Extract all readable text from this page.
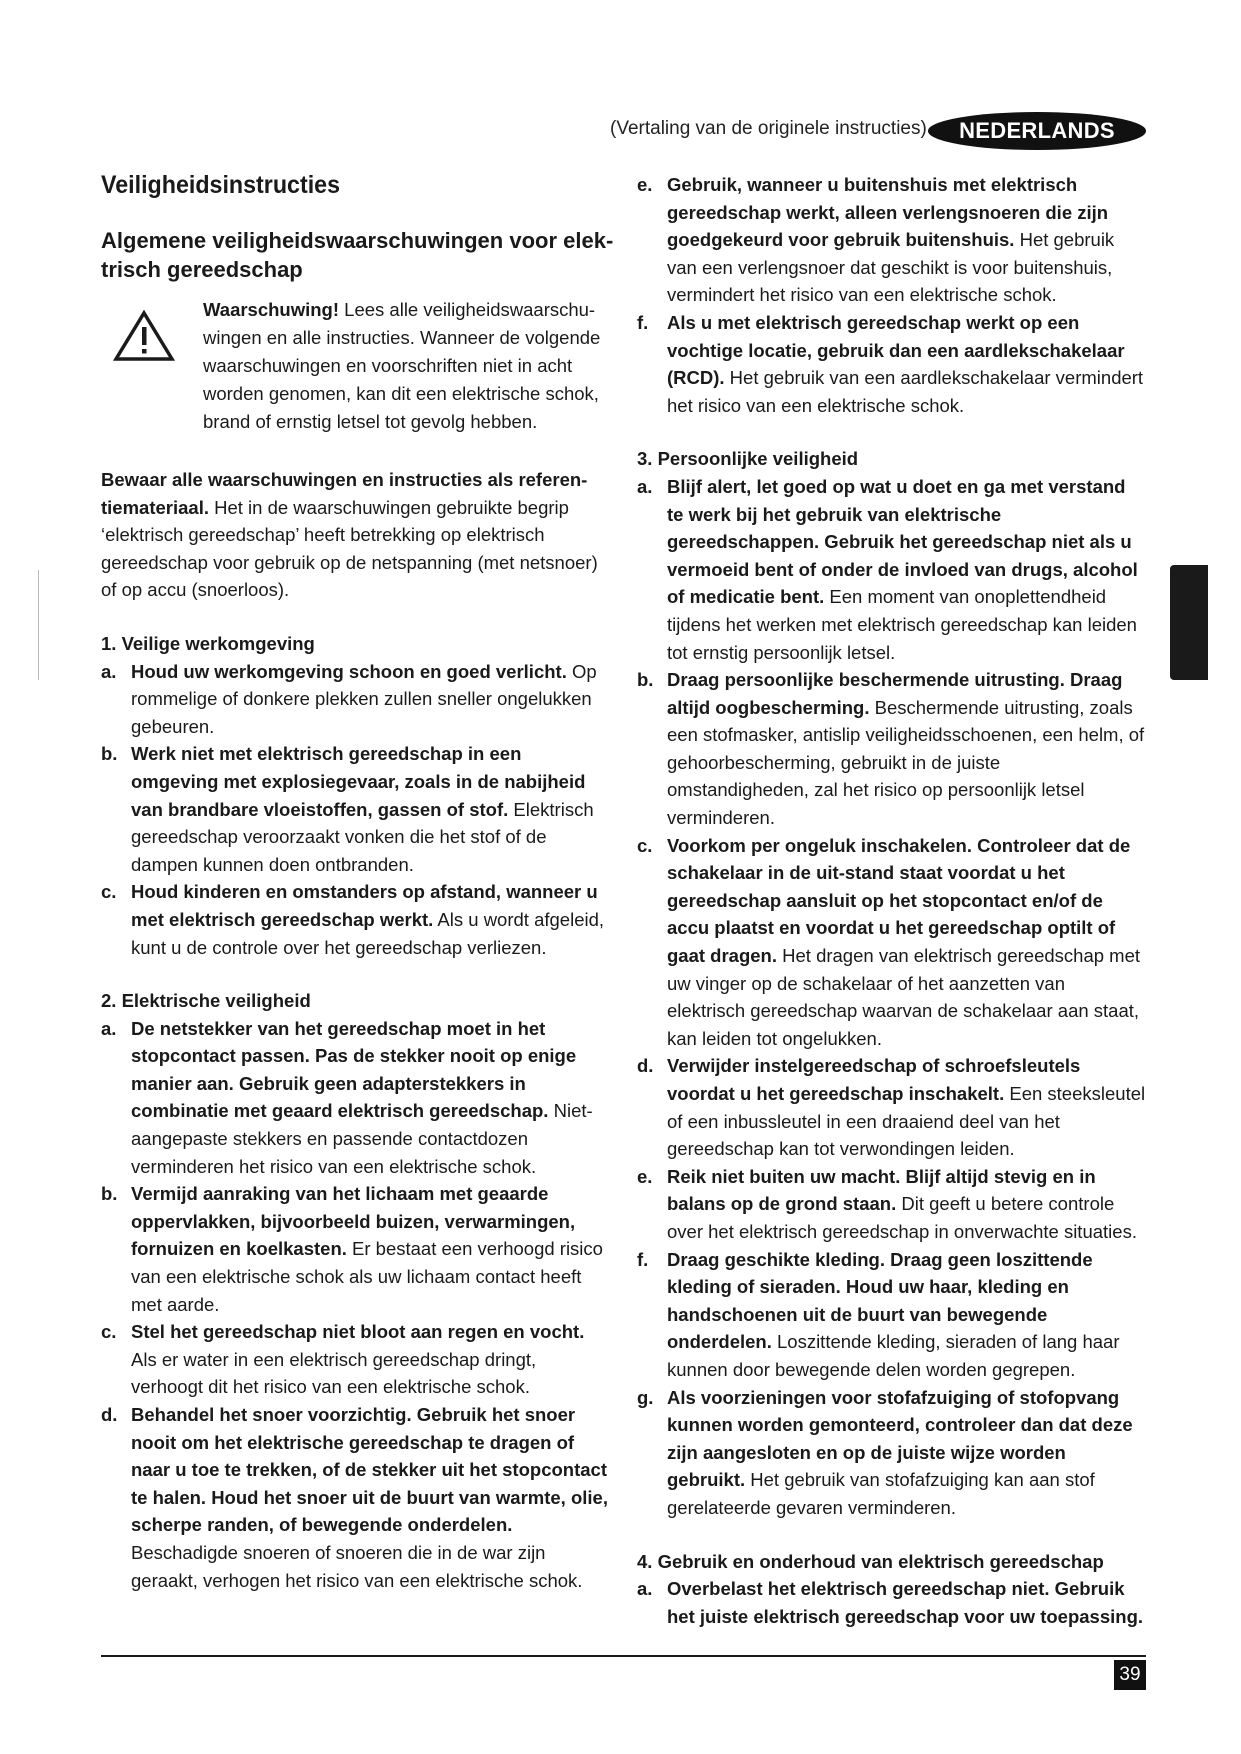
(Vertaling van de originele instructies)	NEDERLANDS
Veiligheidsinstructies
Algemene veiligheidswaarschuwingen voor elek-trisch gereedschap
Waarschuwing! Lees alle veiligheidswaarschu-wingen en alle instructies. Wanneer de volgende waarschuwingen en voorschriften niet in acht worden genomen, kan dit een elektrische schok, brand of ernstig letsel tot gevolg hebben.

Bewaar alle waarschuwingen en instructies als referen-tiemateriaal. Het in de waarschuwingen gebruikte begrip ‘elektrisch gereedschap’ heeft betrekking op elektrisch gereedschap voor gebruik op de netspanning (met netsnoer) of op accu (snoerloos).

1. Veilige werkomgeving
a. Houd uw werkomgeving schoon en goed verlicht. Op rommelige of donkere plekken zullen sneller ongelukken gebeuren.
b. Werk niet met elektrisch gereedschap in een omgeving met explosiegevaar, zoals in de nabijheid van brandbare vloeistoffen, gassen of stof. Elektrisch gereedschap veroorzaakt vonken die het stof of de dampen kunnen doen ontbranden.
c. Houd kinderen en omstanders op afstand, wanneer u met elektrisch gereedschap werkt. Als u wordt afgeleid, kunt u de controle over het gereedschap verliezen.
2. Elektrische veiligheid
a. De netstekker van het gereedschap moet in het stopcontact passen. Pas de stekker nooit op enige manier aan. Gebruik geen adapterstekkers in combinatie met geaard elektrisch gereedschap. Niet-aangepaste stekkers en passende contactdozen verminderen het risico van een elektrische schok.
b. Vermijd aanraking van het lichaam met geaarde oppervlakken, bijvoorbeeld buizen, verwarmingen, fornuizen en koelkasten. Er bestaat een verhoogd risico van een elektrische schok als uw lichaam contact heeft met aarde.
c. Stel het gereedschap niet bloot aan regen en vocht. Als er water in een elektrisch gereedschap dringt, verhoogt dit het risico van een elektrische schok.
d. Behandel het snoer voorzichtig. Gebruik het snoer nooit om het elektrische gereedschap te dragen of naar u toe te trekken, of de stekker uit het stopcontact te halen. Houd het snoer uit de buurt van warmte, olie, scherpe randen, of bewegende onderdelen. Beschadigde snoeren of snoeren die in de war zijn geraakt, verhogen het risico van een elektrische schok.
e. Gebruik, wanneer u buitenshuis met elektrisch gereedschap werkt, alleen verlengsnoeren die zijn goedgekeurd voor gebruik buitenshuis. Het gebruik van een verlengsnoer dat geschikt is voor buitenshuis, vermindert het risico van een elektrische schok.
f.	Als u met elektrisch gereedschap werkt op een vochtige locatie, gebruik dan een aardlekschakelaar (RCD). Het gebruik van een aardlekschakelaar vermindert het risico van een elektrische schok.
3. Persoonlijke veiligheid
a. Blijf alert, let goed op wat u doet en ga met verstand te werk bij het gebruik van elektrische gereedschappen. Gebruik het gereedschap niet als u vermoeid bent of onder de invloed van drugs, alcohol of medicatie bent. Een moment van onoplettendheid tijdens het werken met elektrisch gereedschap kan leiden tot ernstig persoonlijk letsel.
b. Draag persoonlijke beschermende uitrusting. Draag altijd oogbescherming. Beschermende uitrusting, zoals een stofmasker, antislip veiligheidsschoenen, een helm, of gehoorbescherming, gebruikt in de juiste omstandigheden, zal het risico op persoonlijk letsel verminderen.
c. Voorkom per ongeluk inschakelen. Controleer dat de schakelaar in de uit-stand staat voordat u het gereedschap aansluit op het stopcontact en/of de accu plaatst en voordat u het gereedschap optilt of gaat dragen. Het dragen van elektrisch gereedschap met uw vinger op de schakelaar of het aanzetten van elektrisch gereedschap waarvan de schakelaar aan staat, kan leiden tot ongelukken.
d. Verwijder instelgereedschap of schroefsleutels voordat u het gereedschap inschakelt. Een steeksleutel of een inbussleutel in een draaiend deel van het gereedschap kan tot verwondingen leiden.
e. Reik niet buiten uw macht. Blijf altijd stevig en in balans op de grond staan. Dit geeft u betere controle over het elektrisch gereedschap in onverwachte situaties.
f.	Draag geschikte kleding. Draag geen loszittende kleding of sieraden. Houd uw haar, kleding en handschoenen uit de buurt van bewegende onderdelen. Loszittende kleding, sieraden of lang haar kunnen door bewegende delen worden gegrepen.
g. Als voorzieningen voor stofafzuiging of stofopvang kunnen worden gemonteerd, controleer dan dat deze zijn aangesloten en op de juiste wijze worden gebruikt. Het gebruik van stofafzuiging kan aan stof gerelateerde gevaren verminderen.
4. Gebruik en onderhoud van elektrisch gereedschap
a. Overbelast het elektrisch gereedschap niet. Gebruik het juiste elektrisch gereedschap voor uw toepassing.
39
